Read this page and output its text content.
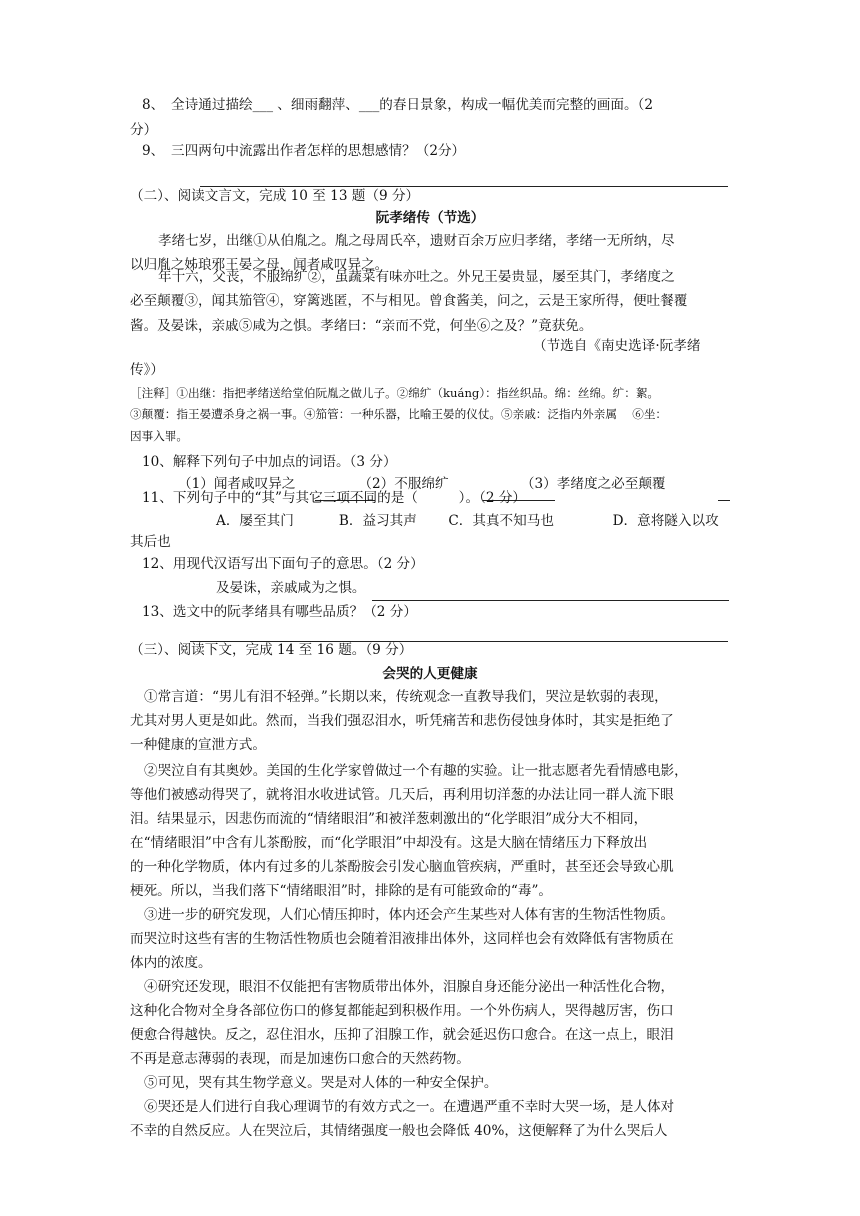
8、　全诗通过描绘___ 、细雨翻萍、___的春日景象，构成一幅优美而完整的画面。（2
分）
9、　三四两句中流露出作者怎样的思想感情？（2分）
（二）、阅读文言文，完成 10 至 13 题（9 分）
阮孝绪传（节选）
孝绪七岁，出继①从伯胤之。胤之母周氏卒，遗财百余万应归孝绪，孝绪一无所纳，尽
以归胤之姊琅邪王晏之母，闻者咸叹异之。
年十六，父丧，不服绵纩②，虽蔬菜有味亦吐之。外兄王晏贵显，屡至其门，孝绪度之
必至颠覆③，闻其笳管④，穿篱逃匿，不与相见。曾食酱美，问之，云是王家所得，便吐餐覆
酱。及晏诛，亲戚⑤咸为之惧。孝绪曰：“亲而不党，何坐⑥之及？”竟获免。
（节选自《南史选译·阮孝绪
传》）
［注释］①出继：指把孝绪送给堂伯阮胤之做儿子。②绵纩（kuáng）：指丝织品。绵：丝绵。纩：絮。
③颠覆：指王晏遭杀身之祸一事。④笳管：一种乐器，比喻王晏的仪仗。⑤亲戚：泛指内外亲属　 ⑥坐：
因事入罪。
10、解释下列句子中加点的词语。（3 分）
（1）闻者咸叹异之 　　　　 （2）不服绵纩　　　　　 （3）孝绪度之必至颠覆
11、下列句子中的“其”与其它三项不同的是（　　　）。（2 分）
A．屡至其门　　　 B．益习其声　　 C．其真不知马也　　　　 D．意将隧入以攻
其后也
12、用现代汉语写出下面句子的意思。（2 分）
及晏诛，亲戚咸为之惧。
13、选文中的阮孝绪具有哪些品质？（2 分）
（三）、阅读下文，完成 14 至 16 题。（9 分）
会哭的人更健康
①常言道：“男儿有泪不轻弹。”长期以来，传统观念一直教导我们，哭泣是软弱的表现，
尤其对男人更是如此。然而，当我们强忍泪水，听凭痛苦和悲伤侵蚀身体时，其实是拒绝了
一种健康的宣泄方式。
②哭泣自有其奥妙。美国的生化学家曾做过一个有趣的实验。让一批志愿者先看情感电影，
等他们被感动得哭了，就将泪水收进试管。几天后，再利用切洋葱的办法让同一群人流下眼
泪。结果显示，因悲伤而流的“情绪眼泪”和被洋葱刺激出的“化学眼泪”成分大不相同，
在“情绪眼泪”中含有儿茶酚胺，而“化学眼泪”中却没有。这是大脑在情绪压力下释放出
的一种化学物质，体内有过多的儿茶酚胺会引发心脑血管疾病，严重时，甚至还会导致心肌
梗死。所以，当我们落下“情绪眼泪”时，排除的是有可能致命的“毒”。
③进一步的研究发现，人们心情压抑时，体内还会产生某些对人体有害的生物活性物质。
而哭泣时这些有害的生物活性物质也会随着泪液排出体外，这同样也会有效降低有害物质在
体内的浓度。
④研究还发现，眼泪不仅能把有害物质带出体外，泪腺自身还能分泌出一种活性化合物，
这种化合物对全身各部位伤口的修复都能起到积极作用。一个外伤病人，哭得越厉害，伤口
便愈合得越快。反之，忍住泪水，压抑了泪腺工作，就会延迟伤口愈合。在这一点上，眼泪
不再是意志薄弱的表现，而是加速伤口愈合的天然药物。
⑤可见，哭有其生物学意义。哭是对人体的一种安全保护。
⑥哭还是人们进行自我心理调节的有效方式之一。在遭遇严重不幸时大哭一场，是人体对
不幸的自然反应。人在哭泣后，其情绪强度一般也会降低 40%，这便解释了为什么哭后人
